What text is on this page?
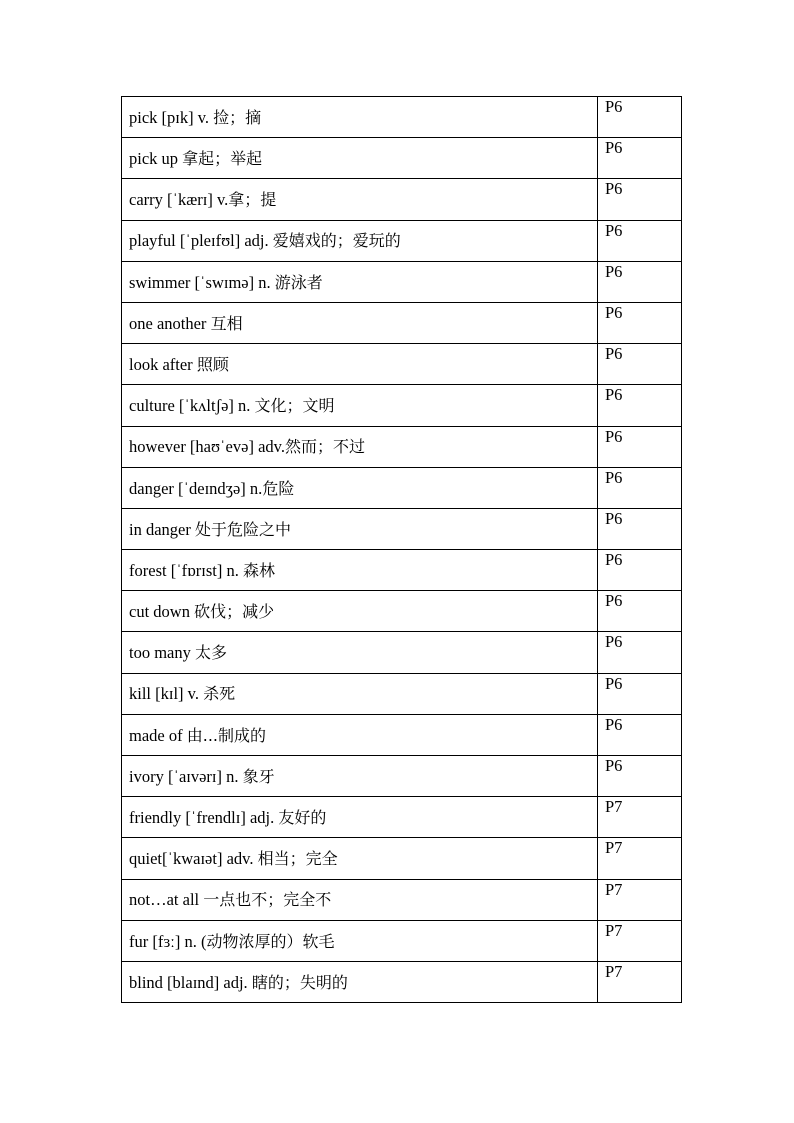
pick [pɪk] v. 捡；摘	P6
pick up 拿起；举起	P6
carry [ˈkærɪ] v.拿；提	P6
playful [ˈpleɪfʊl] adj. 爱嬉戏的；爱玩的	P6
swimmer [ˈswɪmə] n. 游泳者	P6
one another 互相	P6
look after 照顾	P6
culture [ˈkʌltʃə] n. 文化；文明	P6
however [haʊˈevə] adv.然而；不过	P6
danger [ˈdeɪndʒə] n.危险	P6
in danger 处于危险之中	P6
forest [ˈfɒrɪst] n. 森林	P6
cut down 砍伐；减少	P6
too many 太多	P6
kill [kɪl] v. 杀死	P6
made of 由...制成的	P6
ivory [ˈaɪvərɪ] n. 象牙	P6
friendly [ˈfrendlɪ] adj. 友好的	P7
quiet[ˈkwaɪət] adv. 相当；完全	P7
not…at all 一点也不；完全不	P7
fur [fɜː] n. (动物浓厚的）软毛	P7
blind [blaɪnd] adj. 瞎的；失明的	P7
